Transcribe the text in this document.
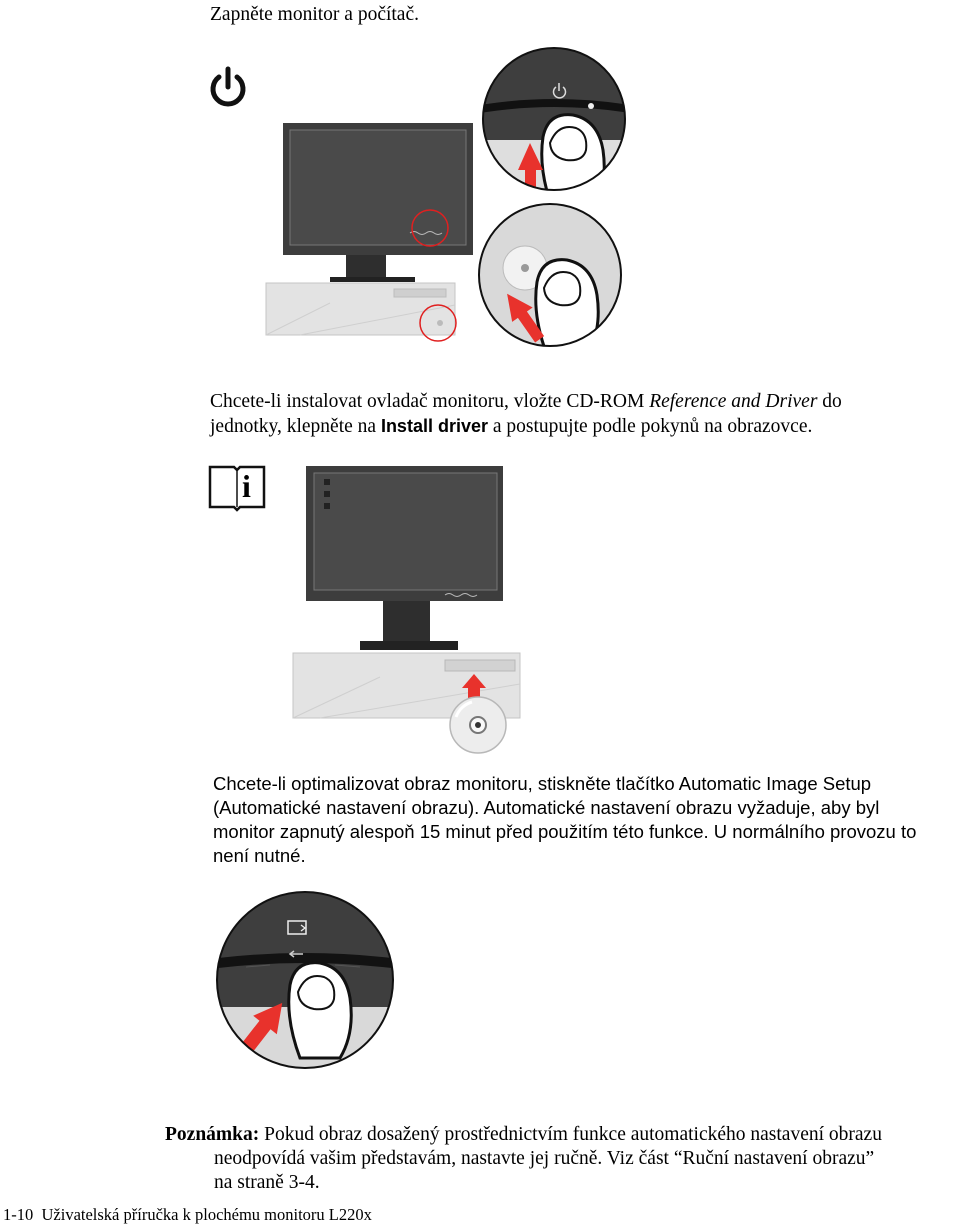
Zapněte monitor a počítač.
Chcete-li instalovat ovladač monitoru, vložte CD-ROM Reference and Driver do
jednotky, klepněte na Install driver a postupujte podle pokynů na obrazovce.
i
Chcete-li optimalizovat obraz monitoru, stiskněte tlačítko Automatic Image Setup
(Automatické nastavení obrazu). Automatické nastavení obrazu vyžaduje, aby byl
monitor zapnutý alespoň 15 minut před použitím této funkce. U normálního provozu to
není nutné.
Poznámka: Pokud obraz dosažený prostřednictvím funkce automatického nastavení obrazu
neodpovídá vašim představám, nastavte jej ručně. Viz část “Ruční nastavení obrazu”
na straně 3-4.
1-10 Uživatelská příručka k plochému monitoru L220x
